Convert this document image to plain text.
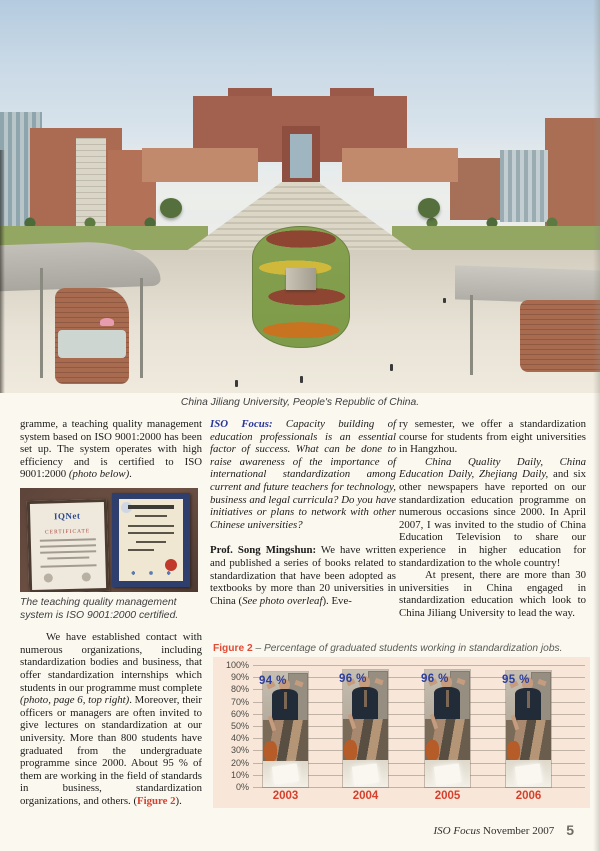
China Jiliang University, People's Republic of China.

gramme, a teaching quality management system based on ISO 9001:2000 has been set up. The system operates with high efficiency and is certified to ISO 9001:2000 (photo below).

IQNet
CERTIFICATE

The teaching quality management system is ISO 9001:2000 certified.

We have established contact with numerous organizations, including standardization bodies and business, that offer standardization internships which students in our programme must complete (photo, page 6, top right). Moreover, their officers or managers are often invited to give lectures on standardization at our university. More than 800 students have graduated from the undergraduate programme since 2000. About 95 % of them are working in the field of standards in business, standardization organizations, and others. (Figure 2).

ISO Focus: Capacity building of education professionals is an essential factor of success. What can be done to raise awareness of the importance of international standardization among current and future teachers for technology, business and legal curricula? Do you have initiatives or plans to network with other Chinese universities?

Prof. Song Mingshun: We have written and published a series of books related to standardization that have been adopted as textbooks by more than 20 universities in China (See photo overleaf). Eve-

ry semester, we offer a standardization course for students from eight universities in Hangzhou.

China Quality Daily, China Education Daily, Zhejiang Daily, and six other newspapers have reported on our standardization education programme on numerous occasions since 2000. In April 2007, I was invited to the studio of China Education Television to share our experience in higher education for standardization to the whole country!

At present, there are more than 30 universities in China engaged in standardization education which look to China Jiliang University to lead the way.

Figure 2 – Percentage of graduated students working in standardization jobs.
100%
90%
80%
70%
60%
50%
40%
30%
20%
10%
0%
94 %
2003
96 %
2004
96 %
2005
95 %
2006
ISO Focus November 2007 5
